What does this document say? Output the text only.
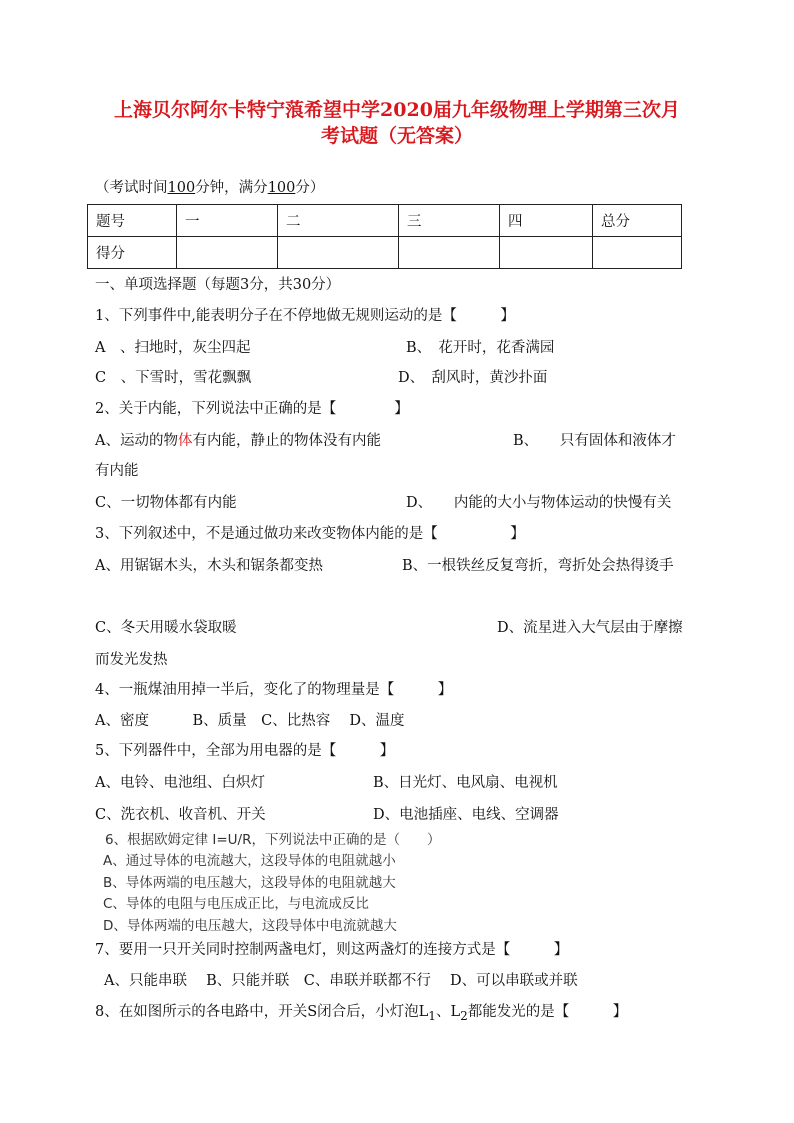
上海贝尔阿尔卡特宁蒗希望中学2020届九年级物理上学期第三次月
考试题（无答案）
（考试时间100分钟，满分100分）
题号	一	二	三	四	总分
得分					
一、单项选择题（每题3分，共30分）
1、下列事件中,能表明分子在不停地做无规则运动的是【　　　】
A　、扫地时，灰尘四起	B、　花开时，花香满园
C　、下雪时，雪花飘飘	D、　刮风时，黄沙扑面
2、关于内能，下列说法中正确的是【　　　　】
A、运动的物体有内能，静止的物体没有内能	B、　　只有固体和液体才
有内能
C、一切物体都有内能	D、　　内能的大小与物体运动的快慢有关
3、下列叙述中，不是通过做功来改变物体内能的是【　　　　　】
A、用锯锯木头，木头和锯条都变热	B、一根铁丝反复弯折，弯折处会热得烫手
C、冬天用暖水袋取暖	D、流星进入大气层由于摩擦
而发光发热
4、一瓶煤油用掉一半后，变化了的物理量是【　　　】
A、密度　　　B、质量　C、比热容　 D、温度
5、下列器件中，全部为用电器的是【　　　】
A、电铃、电池组、白炽灯	B、日光灯、电风扇、电视机
C、洗衣机、收音机、开关	D、电池插座、电线、空调器
6、根据欧姆定律 I=U/R，下列说法中正确的是（　　）
A、通过导体的电流越大，这段导体的电阻就越小
B、导体两端的电压越大，这段导体的电阻就越大
C、导体的电阻与电压成正比，与电流成反比
D、导体两端的电压越大，这段导体中电流就越大
7、要用一只开关同时控制两盏电灯，则这两盏灯的连接方式是【　　　】
A、只能串联　 B、只能并联　C、串联并联都不行　 D、可以串联或并联
8、在如图所示的各电路中，开关S闭合后，小灯泡$L_1$、$L_2$都能发光的是【　　　】
